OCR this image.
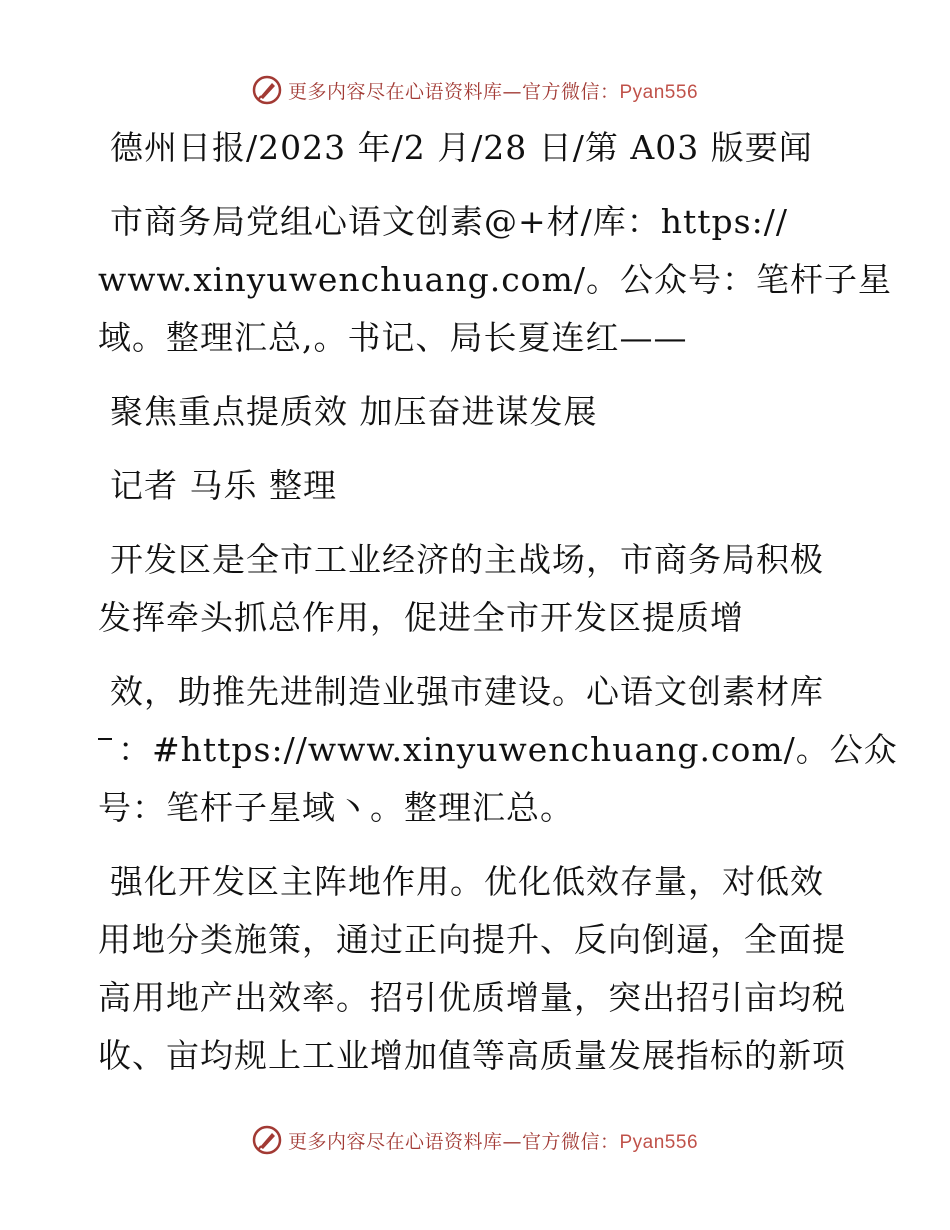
更多内容尽在心语资料库—官方微信：Pyan556
德州日报/2023 年/2 月/28 日/第 A03 版要闻
市商务局党组心语文创素@+材/库：https://
www.xinyuwenchuang.com/。公众号：笔杆子星
域。整理汇总,。书记、局长夏连红——
聚焦重点提质效 加压奋进谋发展
记者 马乐 整理
开发区是全市工业经济的主战场，市商务局积极
发挥牵头抓总作用，促进全市开发区提质增
效，助推先进制造业强市建设。心语文创素材库
：#https://www.xinyuwenchuang.com/。公众
号：笔杆子星域丶。整理汇总。
强化开发区主阵地作用。优化低效存量，对低效
用地分类施策，通过正向提升、反向倒逼，全面提
高用地产出效率。招引优质增量，突出招引亩均税
收、亩均规上工业增加值等高质量发展指标的新项
更多内容尽在心语资料库—官方微信：Pyan556
